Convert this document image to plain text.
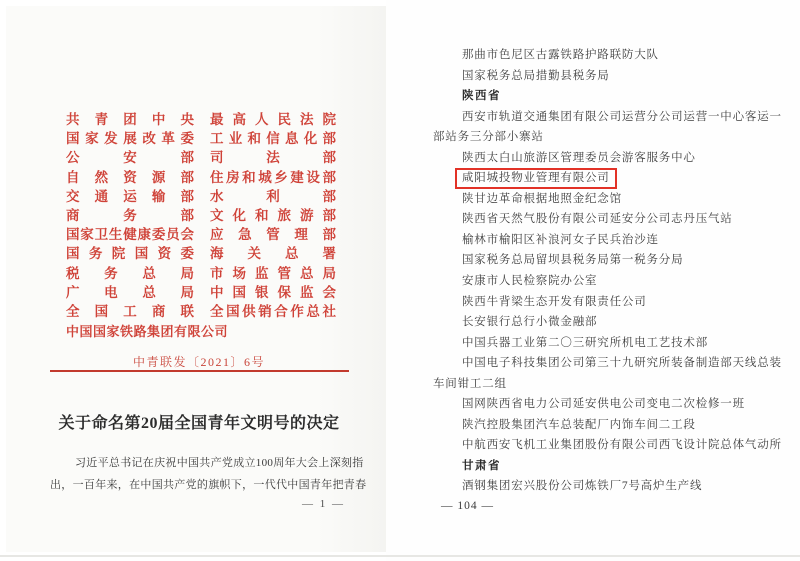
共青团中央 最高人民法院
国家发展改革委 工业和信息化部
公安部 司法部
自然资源部 住房和城乡建设部
交通运输部 水利部
商务部 文化和旅游部
国家卫生健康委员会 应急管理部
国务院国资委 海关总署
税务总局 市场监管总局
广电总局 中国银保监会
全国工商联 全国供销合作总社
中国国家铁路集团有限公司
中青联发〔2021〕6号
关于命名第20届全国青年文明号的决定
习近平总书记在庆祝中国共产党成立100周年大会上深刻指
出，一百年来，在中国共产党的旗帜下，一代代中国青年把青春
— 1 —
那曲市色尼区古露铁路护路联防大队
国家税务总局措勤县税务局
陕西省
西安市轨道交通集团有限公司运营分公司运营一中心客运一
部站务三分部小寨站
陕西太白山旅游区管理委员会游客服务中心
咸阳城投物业管理有限公司
陕甘边革命根据地照金纪念馆
陕西省天然气股份有限公司延安分公司志丹压气站
榆林市榆阳区补浪河女子民兵治沙连
国家税务总局留坝县税务局第一税务分局
安康市人民检察院办公室
陕西牛背梁生态开发有限责任公司
长安银行总行小微金融部
中国兵器工业第二〇三研究所机电工艺技术部
中国电子科技集团公司第三十九研究所装备制造部天线总装
车间钳工二组
国网陕西省电力公司延安供电公司变电二次检修一班
陕汽控股集团汽车总装配厂内饰车间二工段
中航西安飞机工业集团股份有限公司西飞设计院总体气动所
甘肃省
酒钢集团宏兴股份公司炼铁厂7号高炉生产线
— 104 —
